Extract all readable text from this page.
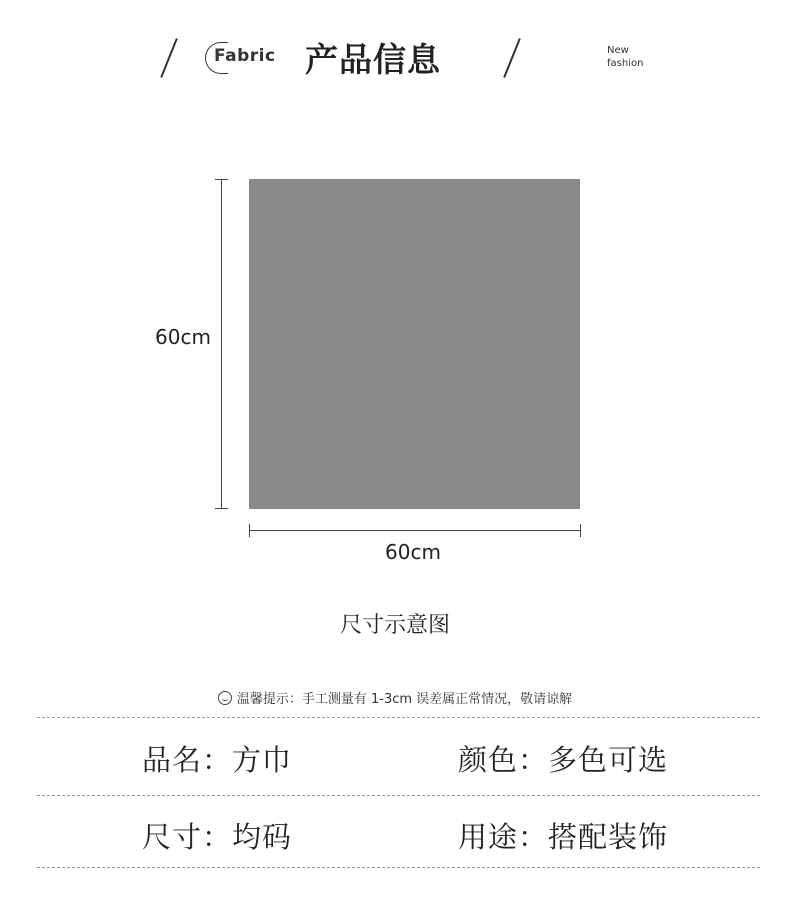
Fabric 产品信息	New
fashion
60cm
60cm
尺寸示意图
温馨提示：手工测量有 1-3cm 误差属正常情况，敬请谅解
品名：方巾	颜色：多色可选
尺寸：均码	用途：搭配装饰
